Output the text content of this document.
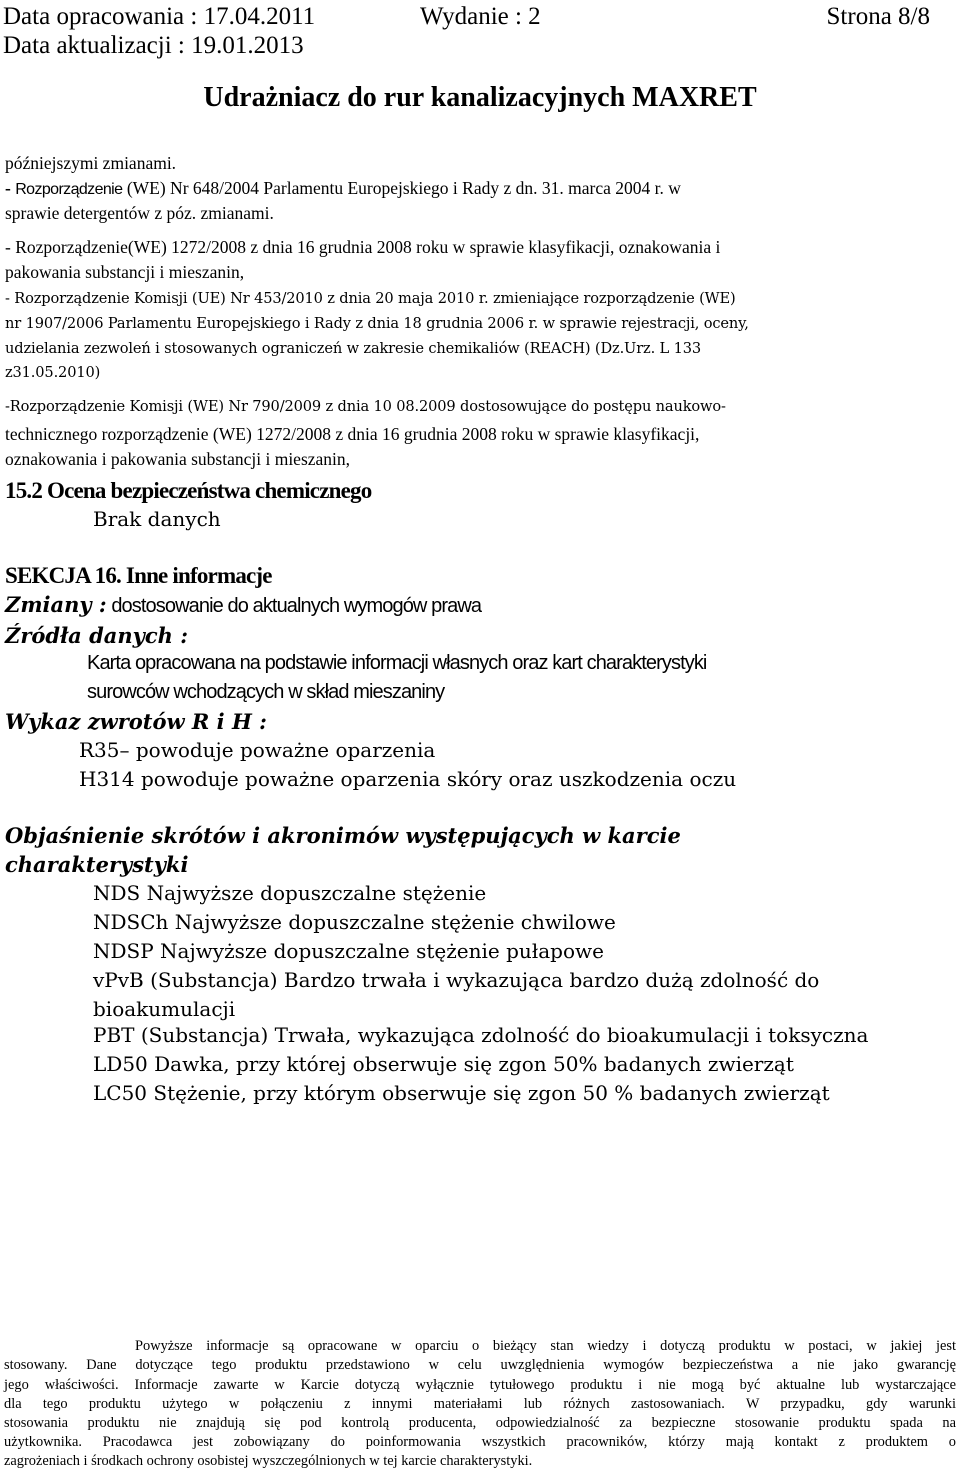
Data opracowania : 17.04.2011	Wydanie : 2	Strona 8/8
Data aktualizacji : 19.01.2013
Udrażniacz do rur kanalizacyjnych MAXRET
późniejszymi zmianami.
- Rozporządzenie (WE) Nr 648/2004 Parlamentu Europejskiego i Rady z dn. 31. marca 2004 r. w
sprawie detergentów z póz. zmianami.
- Rozporządzenie(WE) 1272/2008 z dnia 16 grudnia 2008 roku w sprawie klasyfikacji, oznakowania i
pakowania substancji i mieszanin,
- Rozporządzenie Komisji (UE) Nr 453/2010 z dnia 20 maja 2010 r. zmieniające rozporządzenie (WE)
nr 1907/2006 Parlamentu Europejskiego i Rady z dnia 18 grudnia 2006 r. w sprawie rejestracji, oceny,
udzielania zezwoleń i stosowanych ograniczeń w zakresie chemikaliów (REACH) (Dz.Urz. L 133
z31.05.2010)
-Rozporządzenie Komisji (WE) Nr 790/2009 z dnia 10 08.2009 dostosowujące do postępu naukowo-
technicznego rozporządzenie (WE) 1272/2008 z dnia 16 grudnia 2008 roku w sprawie klasyfikacji,
oznakowania i pakowania substancji i mieszanin,
15.2 Ocena bezpieczeństwa chemicznego
Brak danych
SEKCJA 16. Inne informacje
Zmiany : dostosowanie do aktualnych wymogów prawa
Źródła danych :
Karta opracowana na podstawie informacji własnych oraz kart charakterystyki
surowców wchodzących w skład mieszaniny
Wykaz zwrotów R i H :
R35– powoduje poważne oparzenia
H314 powoduje poważne oparzenia skóry oraz uszkodzenia oczu
Objaśnienie skrótów i akronimów występujących w karcie
charakterystyki
NDS Najwyższe dopuszczalne stężenie
NDSCh Najwyższe dopuszczalne stężenie chwilowe
NDSP Najwyższe dopuszczalne stężenie pułapowe
vPvB (Substancja) Bardzo trwała i wykazująca bardzo dużą zdolność do
bioakumulacji
PBT (Substancja) Trwała, wykazująca zdolność do bioakumulacji i toksyczna
LD50 Dawka, przy której obserwuje się zgon 50% badanych zwierząt
LC50 Stężenie, przy którym obserwuje się zgon 50 % badanych zwierząt
Powyższe informacje są opracowane w oparciu o bieżący stan wiedzy i dotyczą produktu w postaci, w jakiej jest
stosowany. Dane dotyczące tego produktu przedstawiono w celu uwzględnienia wymogów bezpieczeństwa a nie jako gwarancję
jego właściwości. Informacje zawarte w Karcie dotyczą wyłącznie tytułowego produktu i nie mogą być aktualne lub wystarczające
dla tego produktu użytego w połączeniu z innymi materiałami lub różnych zastosowaniach. W przypadku, gdy warunki
stosowania produktu nie znajdują się pod kontrolą producenta, odpowiedzialność za bezpieczne stosowanie produktu spada na
użytkownika. Pracodawca jest zobowiązany do poinformowania wszystkich pracowników, którzy mają kontakt z produktem o
zagrożeniach i środkach ochrony osobistej wyszczególnionych w tej karcie charakterystyki.
